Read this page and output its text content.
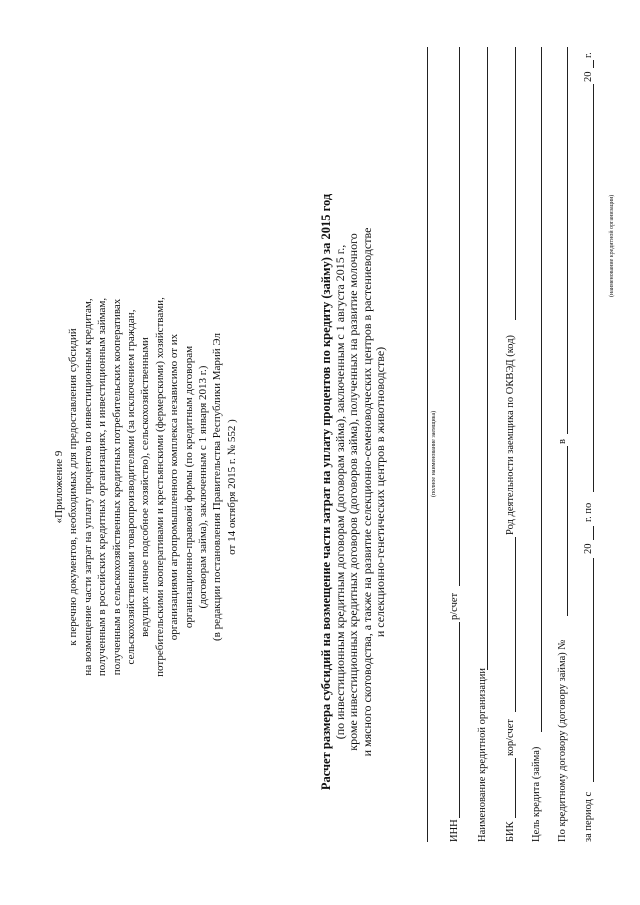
«Приложение 9 к перечню документов, необходимых для предоставления субсидий на возмещение части затрат на уплату процентов по инвестиционным кредитам, полученным в российских кредитных организациях, и инвестиционным займам, полученным в сельскохозяйственных кредитных потребительских кооперативах сельскохозяйственными товаропроизводителями (за исключением граждан, ведущих личное подсобное хозяйство), сельскохозяйственными потребительскими кооперативами и крестьянскими (фермерскими) хозяйствами, организациями агропромышленного комплекса независимо от их организационно-правовой формы (по кредитным договорам (договорам займа), заключенным с 1 января 2013 г.) (в редакции постановления Правительства Республики Марий Эл от 14 октября 2015 г. № 552 )	Расчет размера субсидий на возмещение части затрат на уплату процентов по кредиту (займу) за 2015 год (по инвестиционным кредитным договорам (договорам займа), заключенным с 1 августа 2015 г., кроме инвестиционных кредитных договоров (договоров займа), полученных на развитие молочного и мясного скотоводства, а также на развитие селекционно-семеноводческих центров в растениеводстве и селекционно-генетических центров в животноводстве)	(полное наименование заемщика)
ИНН
р/счет
Наименование кредитной организации БИК
кор/счет
Род деятельности заемщика по ОКВЭД (код)
Цель кредита (займа) По кредитному договору (договору займа) №
в
(наименование кредитной организации)
за период с
20
г. по
20
г.
